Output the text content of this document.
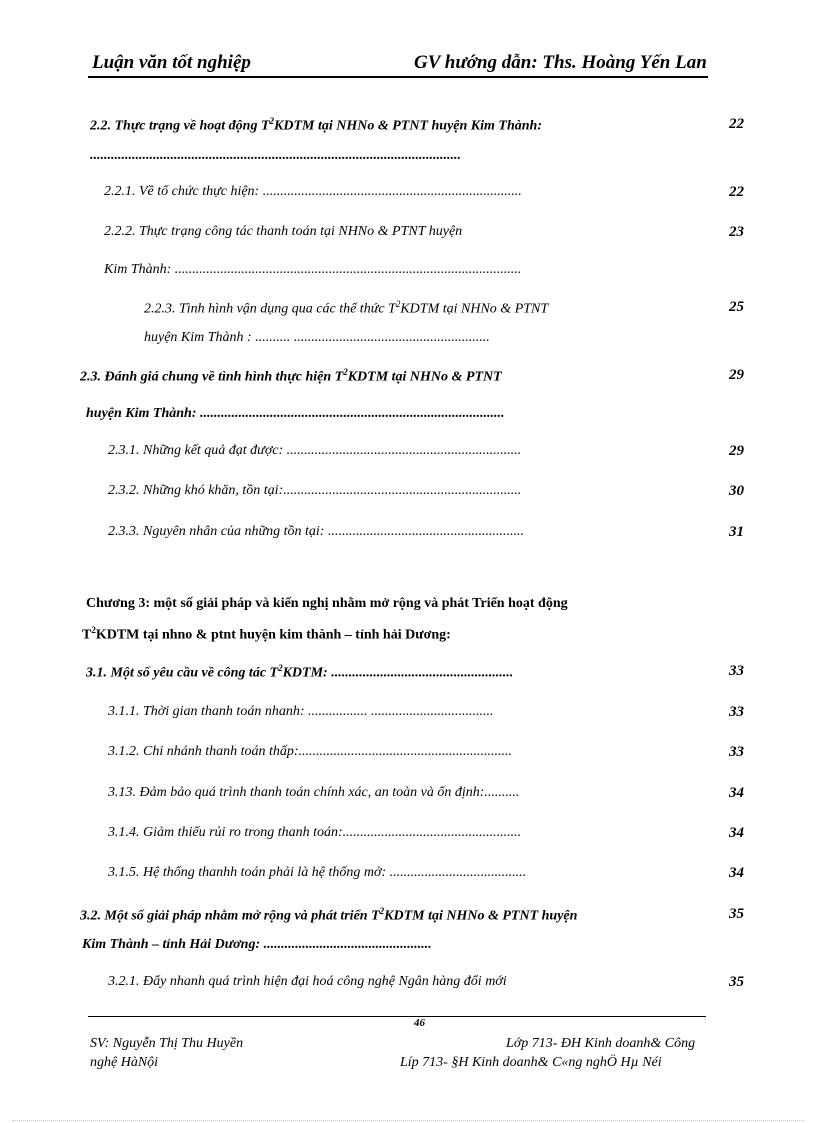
Luận văn tốt nghiệp	GV hướng dẫn: Ths. Hoàng Yến Lan
2.2. Thực trạng về hoạt động $T^2KDTM$ tại NHNo & PTNT huyện Kim Thành:	22
..........................................................................................................
2.2.1. Về tổ chức thực hiện: ..........................................................................	22
2.2.2. Thực trạng công tác thanh toán tại NHNo & PTNT huyện	23
Kim Thành: ...................................................................................................
2.2.3. Tình hình vận dụng qua các thể thức $T^2KDTM$ tại NHNo & PTNT	25
huyện Kim Thành : .......... ........................................................
2.3. Đánh giá chung về tình hình thực hiện $T^2KDTM$ tại NHNo & PTNT	29
huyện Kim Thành: .......................................................................................
2.3.1. Những kết quả đạt được: ...................................................................	29
2.3.2. Những khó khăn, tồn tại:....................................................................	30
2.3.3. Nguyên nhân của những tồn tại: ........................................................	31
Chương 3: một số giải pháp và kiến nghị nhằm mở rộng và phát Triển hoạt động
$T^2KDTM$ tại nhno & ptnt huyện kim thành – tỉnh hải Dương:
3.1. Một số yêu cầu về công tác $T^2KDTM$: ....................................................	33
3.1.1. Thời gian thanh toán nhanh: ................. ...................................	33
3.1.2. Chi nhánh thanh toán thấp:.............................................................	33
3.13. Đảm bảo quá trình thanh toán chính xác, an toàn và ổn định:..........	34
3.1.4. Giảm thiểu rủi ro trong thanh toán:...................................................	34
3.1.5. Hệ thống thanhh toán phải là hệ thống mở: .......................................	34
3.2. Một số giải pháp nhằm mở rộng và phát triển $T^2KDTM$ tại NHNo & PTNT huyện	35
Kim Thành – tỉnh Hải Dương: ................................................
3.2.1. Đẩy nhanh quá trình hiện đại hoá công nghệ Ngân hàng đổi mới	35
46
SV: Nguyễn Thị Thu Huyền	Lớp 713- ĐH Kinh doanh& Công
nghệ HàNội	Líp 713- §H Kinh doanh& C«ng nghÖ Hµ Néi
